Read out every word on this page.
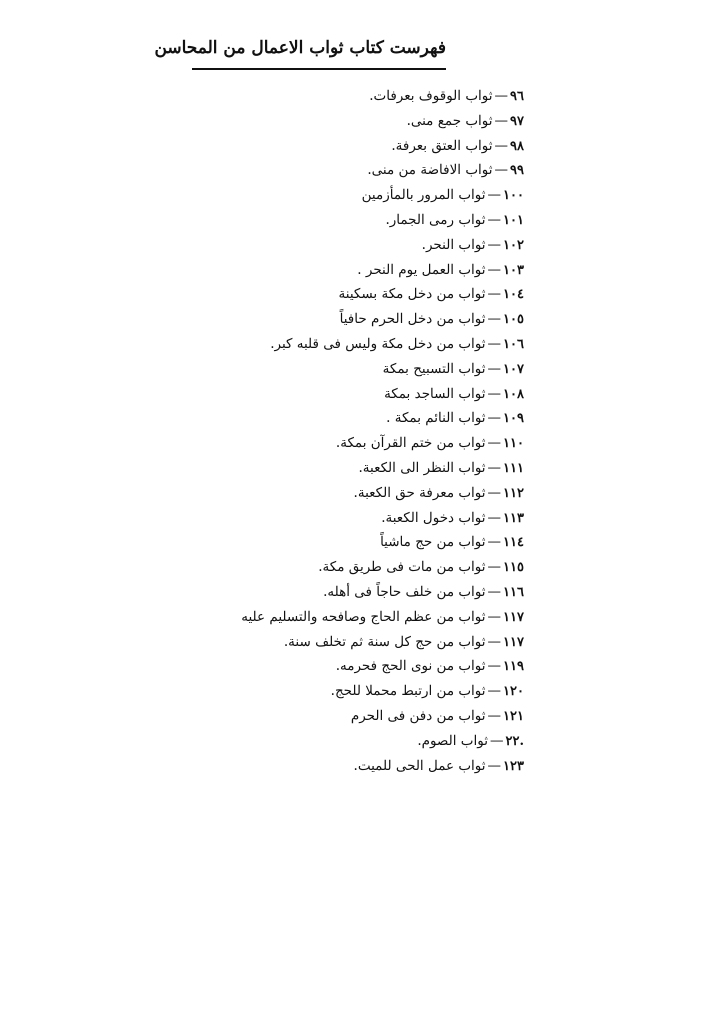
فهرست كتاب ثواب الاعمال من المحاسن
٩٦—ثواب الوقوف بعرفات.
٩٧—ثواب جمع منى.
٩٨—ثواب العتق بعرفة.
٩٩—ثواب الافاضة من منى.
١٠٠—ثواب المرور بالمأزمين
١٠١—ثواب رمى الجمار.
١٠٢—ثواب النحر.
١٠٣—ثواب العمل يوم النحر .
١٠٤—ثواب من دخل مكة بسكينة
١٠٥—ثواب من دخل الحرم حافياً
١٠٦—ثواب من دخل مكة وليس فى قلبه كبر.
١٠٧—ثواب التسبيح بمكة
١٠٨—ثواب الساجد بمكة
١٠٩—ثواب النائم بمكة .
١١٠—ثواب من ختم القرآن بمكة.
١١١—ثواب النظر الى الكعبة.
١١٢—ثواب معرفة حق الكعبة.
١١٣—ثواب دخول الكعبة.
١١٤—ثواب من حج ماشياً
١١٥—ثواب من مات فى طريق مكة.
١١٦—ثواب من خلف حاجاً فى أهله.
١١٧—ثواب من عظم الحاج وصافحه والتسليم عليه
١١٧—ثواب من حج كل سنة ثم تخلف سنة.
١١٩—ثواب من نوى الحج فحرمه.
١٢٠—ثواب من ارتبط محملا للحج.
١٢١—ثواب من دفن فى الحرم
.٢٢—ثواب الصوم.
١٢٣—ثواب عمل الحى للميت.
